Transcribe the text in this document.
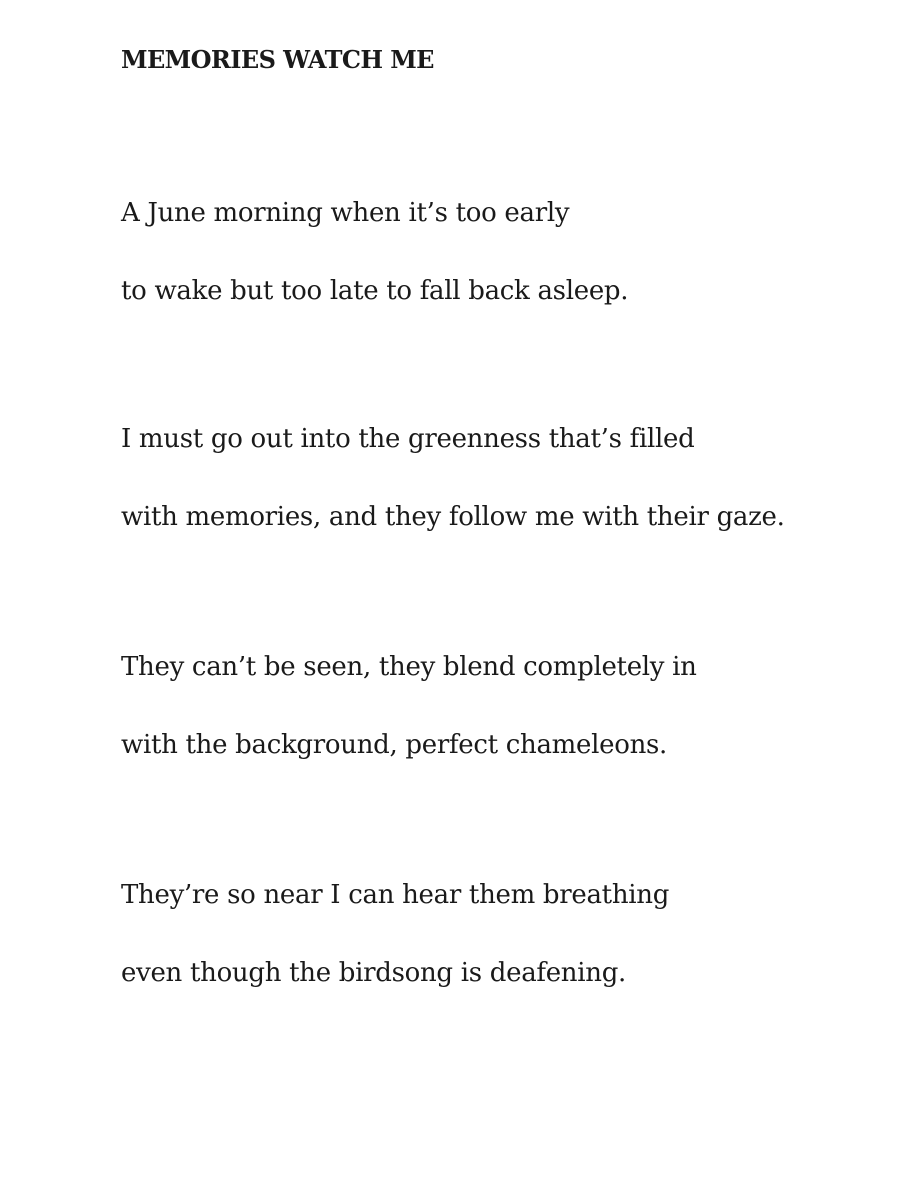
MEMORIES WATCH ME
A June morning when it’s too early
to wake but too late to fall back asleep.
I must go out into the greenness that’s filled
with memories, and they follow me with their gaze.
They can’t be seen, they blend completely in
with the background, perfect chameleons.
They’re so near I can hear them breathing
even though the birdsong is deafening.
